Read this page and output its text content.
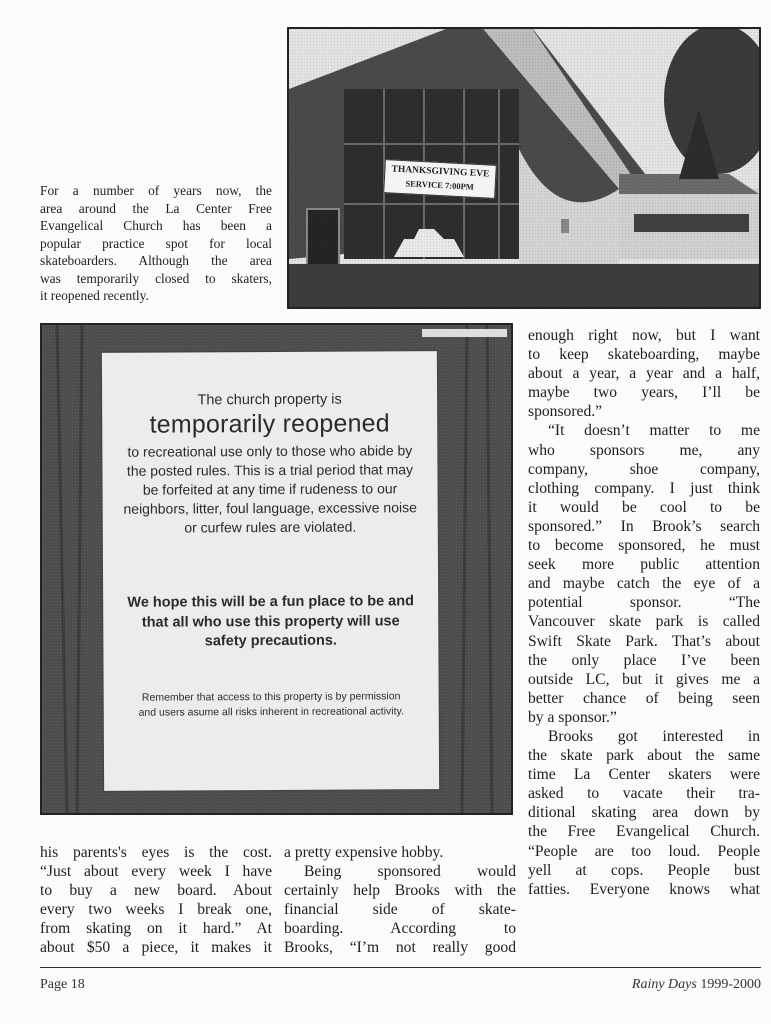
For a number of years now, the
area around the La Center Free
Evangelical Church has been a
popular practice spot for local
skateboarders. Although the area
was temporarily closed to skaters,
it reopened recently.
THANKSGIVING EVE
SERVICE 7:00PM
The church property is
temporarily reopened
to recreational use only to those who abide by the posted rules. This is a trial period that may be forfeited at any time if rudeness to our neighbors, litter, foul language, excessive noise or curfew rules are violated.
We hope this will be a fun place to be and that all who use this property will use safety precautions.
Remember that access to this property is by permission and users asume all risks inherent in recreational activity.
enough right now, but I want
to keep skateboarding, maybe
about a year, a year and a half,
maybe two years, I’ll be
sponsored.”
“It doesn’t matter to me
who sponsors me, any
company, shoe company,
clothing company. I just think
it would be cool to be
sponsored.” In Brook’s search
to become sponsored, he must
seek more public attention
and maybe catch the eye of a
potential sponsor. “The
Vancouver skate park is called
Swift Skate Park. That’s about
the only place I’ve been
outside LC, but it gives me a
better chance of being seen
by a sponsor.”
Brooks got interested in
the skate park about the same
time La Center skaters were
asked to vacate their tra-
ditional skating area down by
the Free Evangelical Church.
“People are too loud. People
yell at cops. People bust
fatties. Everyone knows what
his parents's eyes is the cost.
“Just about every week I have
to buy a new board. About
every two weeks I break one,
from skating on it hard.” At
about $50 a piece, it makes it
a pretty expensive hobby.
Being sponsored would
certainly help Brooks with the
financial side of skate-
boarding. According to
Brooks, “I’m not really good
Page 18	Rainy Days 1999-2000
